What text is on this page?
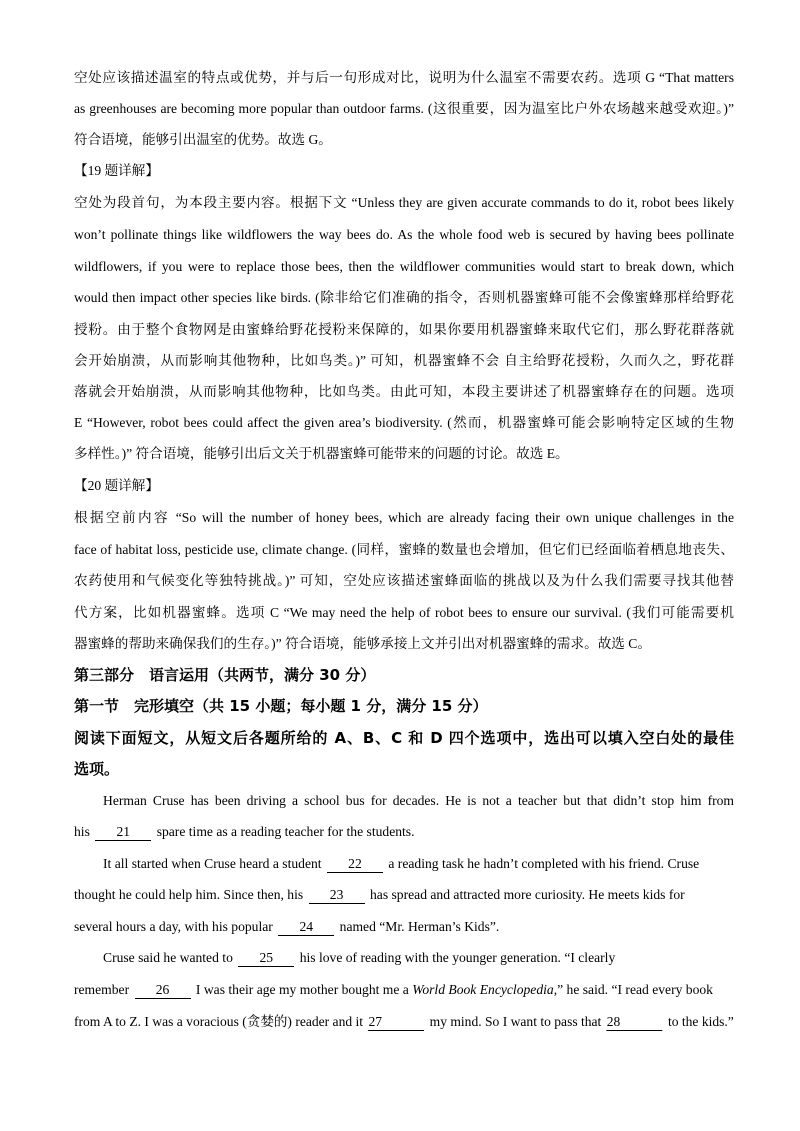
空处应该描述温室的特点或优势，并与后一句形成对比，说明为什么温室不需要农药。选项 G “That matters
as greenhouses are becoming more popular than outdoor farms. (这很重要，因为温室比户外农场越来越受欢迎。)”
符合语境，能够引出温室的优势。故选 G。
【19 题详解】
空处为段首句，为本段主要内容。根据下文 “Unless they are given accurate commands to do it, robot bees likely
won’t pollinate things like wildflowers the way bees do. As the whole food web is secured by having bees pollinate
wildflowers, if you were to replace those bees, then the wildflower communities would start to break down, which
would then impact other species like birds. (除非给它们准确的指令，否则机器蜜蜂可能不会像蜜蜂那样给野花
授粉。由于整个食物网是由蜜蜂给野花授粉来保障的，如果你要用机器蜜蜂来取代它们，那么野花群落就
会开始崩溃，从而影响其他物种，比如鸟类。)” 可知，机器蜜蜂不会 自主给野花授粉，久而久之，野花群
落就会开始崩溃，从而影响其他物种，比如鸟类。由此可知，本段主要讲述了机器蜜蜂存在的问题。选项
E “However, robot bees could affect the given area’s biodiversity. (然而，机器蜜蜂可能会影响特定区域的生物
多样性。)” 符合语境，能够引出后文关于机器蜜蜂可能带来的问题的讨论。故选 E。
【20 题详解】
根据空前内容 “So will the number of honey bees, which are already facing their own unique challenges in the
face of habitat loss, pesticide use, climate change. (同样，蜜蜂的数量也会增加，但它们已经面临着栖息地丧失、
农药使用和气候变化等独特挑战。)” 可知，空处应该描述蜜蜂面临的挑战以及为什么我们需要寻找其他替
代方案，比如机器蜜蜂。选项 C “We may need the help of robot bees to ensure our survival. (我们可能需要机
器蜜蜂的帮助来确保我们的生存。)” 符合语境，能够承接上文并引出对机器蜜蜂的需求。故选 C。
第三部分　语言运用（共两节，满分 30 分）
第一节　完形填空（共 15 小题；每小题 1 分，满分 15 分）
阅读下面短文，从短文后各题所给的 A、B、C 和 D 四个选项中，选出可以填入空白处的最佳
选项。
Herman Cruse has been driving a school bus for decades. He is not a teacher but that didn’t stop him from
his 21 spare time as a reading teacher for the students.
It all started when Cruse heard a student 22 a reading task he hadn’t completed with his friend. Cruse
thought he could help him. Since then, his 23 has spread and attracted more curiosity. He meets kids for
several hours a day, with his popular 24 named “Mr. Herman’s Kids”.
Cruse said he wanted to 25 his love of reading with the younger generation. “I clearly
remember 26 I was their age my mother bought me a World Book Encyclopedia,” he said. “I read every book
from A to Z. I was a voracious (贪婪的) reader and it 27	my mind. So I want to pass that 28	to the kids.”
